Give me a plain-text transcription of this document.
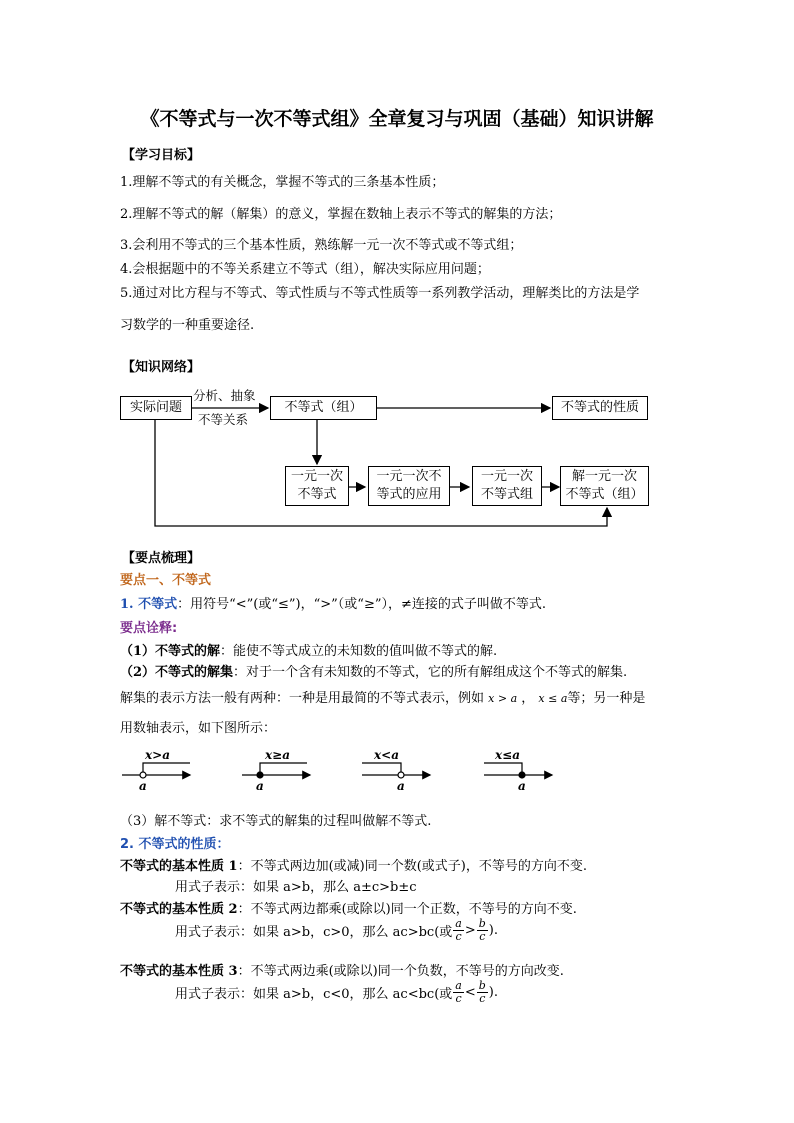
《不等式与一次不等式组》全章复习与巩固（基础）知识讲解
【学习目标】
1.理解不等式的有关概念，掌握不等式的三条基本性质；
2.理解不等式的解（解集）的意义，掌握在数轴上表示不等式的解集的方法；
3.会利用不等式的三个基本性质，熟练解一元一次不等式或不等式组；
4.会根据题中的不等关系建立不等式（组），解决实际应用问题；
5.通过对比方程与不等式、等式性质与不等式性质等一系列教学活动，理解类比的方法是学
习数学的一种重要途径.
【知识网络】
实际问题
分析、抽象
不等关系
不等式（组）	不等式的性质
一元一次
不等式
一元一次不
等式的应用
一元一次
不等式组
解一元一次
不等式（组）
【要点梳理】
要点一、不等式
1. 不等式：用符号“<”(或“≤”)，“>”（或“≥”），≠连接的式子叫做不等式.
要点诠释:
（1）不等式的解：能使不等式成立的未知数的值叫做不等式的解.
（2）不等式的解集：对于一个含有未知数的不等式，它的所有解组成这个不等式的解集.
解集的表示方法一般有两种：一种是用最简的不等式表示，例如 x > a ， x ≤ a等；另一种是
用数轴表示，如下图所示：
x>a
a
x≥a
a
x<a
a
x≤a
a
（3）解不等式：求不等式的解集的过程叫做解不等式.
2. 不等式的性质：
不等式的基本性质 1：不等式两边加(或减)同一个数(或式子)，不等号的方向不变.
用式子表示：如果 a>b，那么 a±c>b±c
不等式的基本性质 2：不等式两边都乘(或除以)同一个正数，不等号的方向不变.
用式子表示：如果 a>b，c>0，那么 ac>bc(或 $\frac{a}{c} > \frac{b}{c}$ ).
不等式的基本性质 3：不等式两边乘(或除以)同一个负数，不等号的方向改变.
用式子表示：如果 a>b，c<0，那么 ac<bc(或 $\frac{a}{c} < \frac{b}{c}$ ).
